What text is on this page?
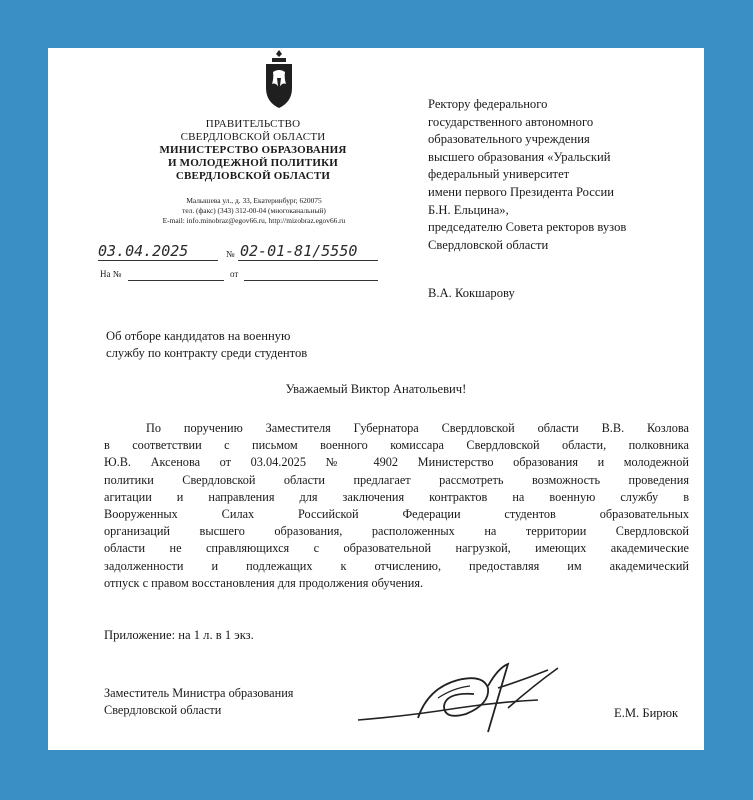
ПРАВИТЕЛЬСТВО
СВЕРДЛОВСКОЙ ОБЛАСТИ
МИНИСТЕРСТВО ОБРАЗОВАНИЯ
И МОЛОДЕЖНОЙ ПОЛИТИКИ
СВЕРДЛОВСКОЙ ОБЛАСТИ
Малышева ул., д. 33, Екатеринбург, 620075
тел. (факс) (343) 312-00-04 (многоканальный)
E-mail: info.minobraz@egov66.ru, http://mizobraz.egov66.ru
03.04.2025	№ 02-01-81/5550
На №	от
Ректору федерального
государственного автономного
образовательного учреждения
высшего образования «Уральский
федеральный университет
имени первого Президента России
Б.Н. Ельцина»,
председателю Совета ректоров вузов
Свердловской области
В.А. Кокшарову
Об отборе кандидатов на военную
службу по контракту среди студентов
Уважаемый Виктор Анатольевич!
По поручению Заместителя Губернатора Свердловской области В.В. Козлова
в соответствии с письмом военного комиссара Свердловской области, полковника
Ю.В. Аксенова от 03.04.2025 № 4902 Министерство образования и молодежной
политики Свердловской области предлагает рассмотреть возможность проведения
агитации и направления для заключения контрактов на военную службу в
Вооруженных Силах Российской Федерации студентов образовательных
организаций высшего образования, расположенных на территории Свердловской
области не справляющихся с образовательной нагрузкой, имеющих академические
задолженности и подлежащих к отчислению, предоставляя им академический
отпуск с правом восстановления для продолжения обучения.
Приложение: на 1 л. в 1 экз.
Заместитель Министра образования
Свердловской области	Е.М. Бирюк
